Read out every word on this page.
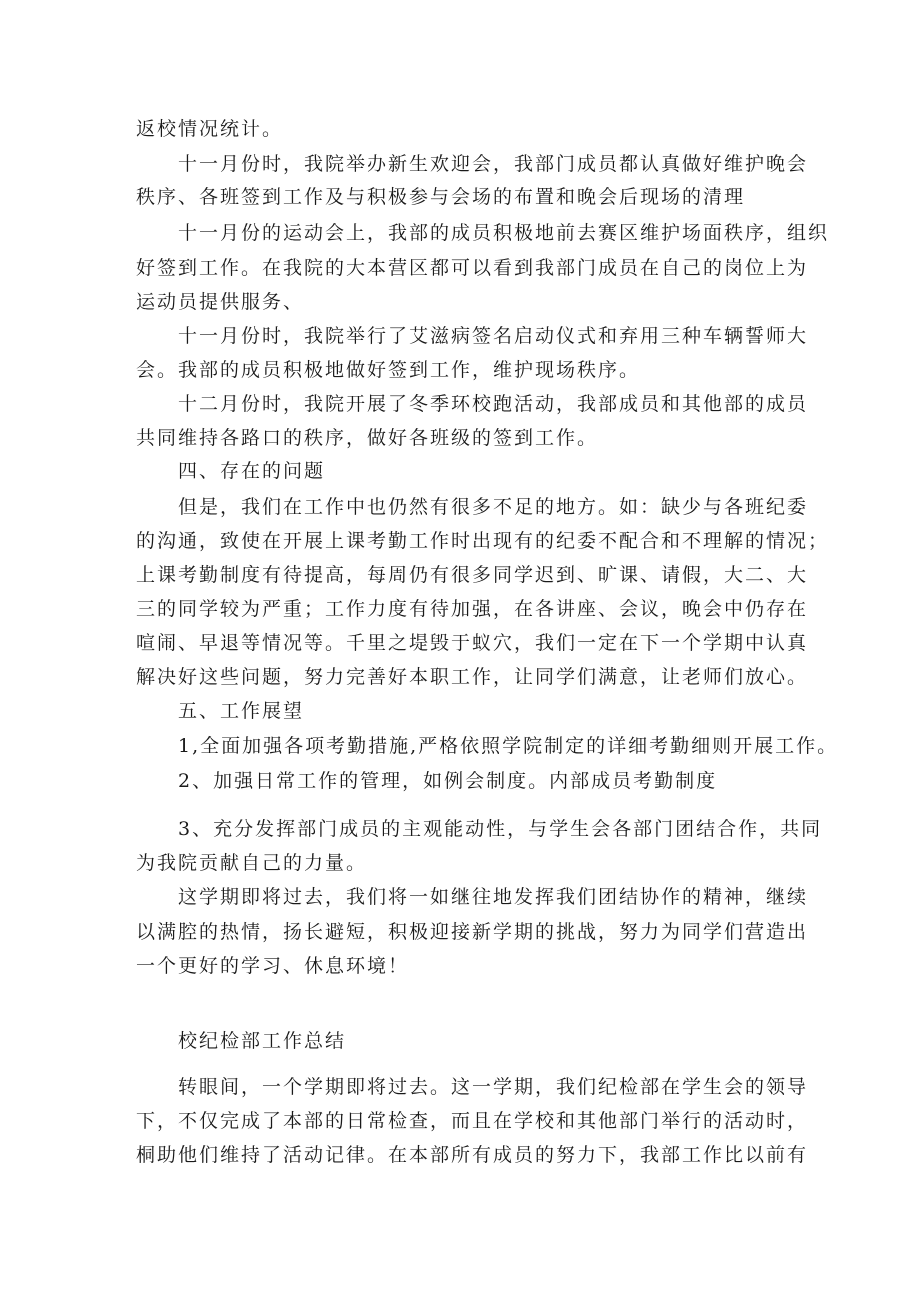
返校情况统计。
十一月份时，我院举办新生欢迎会，我部门成员都认真做好维护晚会
秩序、各班签到工作及与积极参与会场的布置和晚会后现场的清理
十一月份的运动会上，我部的成员积极地前去赛区维护场面秩序，组织
好签到工作。在我院的大本营区都可以看到我部门成员在自己的岗位上为
运动员提供服务、
十一月份时，我院举行了艾滋病签名启动仪式和弃用三种车辆誓师大
会。我部的成员积极地做好签到工作，维护现场秩序。
十二月份时，我院开展了冬季环校跑活动，我部成员和其他部的成员
共同维持各路口的秩序，做好各班级的签到工作。
四、存在的问题
但是，我们在工作中也仍然有很多不足的地方。如：缺少与各班纪委
的沟通，致使在开展上课考勤工作时出现有的纪委不配合和不理解的情况；
上课考勤制度有待提高，每周仍有很多同学迟到、旷课、请假，大二、大
三的同学较为严重；工作力度有待加强，在各讲座、会议，晚会中仍存在
喧闹、早退等情况等。千里之堤毁于蚁穴，我们一定在下一个学期中认真
解决好这些问题，努力完善好本职工作，让同学们满意，让老师们放心。
五、工作展望
1,全面加强各项考勤措施,严格依照学院制定的详细考勤细则开展工作。
2、加强日常工作的管理，如例会制度。内部成员考勤制度
3、充分发挥部门成员的主观能动性，与学生会各部门团结合作，共同
为我院贡献自己的力量。
这学期即将过去，我们将一如继往地发挥我们团结协作的精神，继续
以满腔的热情，扬长避短，积极迎接新学期的挑战，努力为同学们营造出
一个更好的学习、休息环境！
校纪检部工作总结
转眼间，一个学期即将过去。这一学期，我们纪检部在学生会的领导
下，不仅完成了本部的日常检查，而且在学校和其他部门举行的活动时，
桐助他们维持了活动记律。在本部所有成员的努力下，我部工作比以前有
